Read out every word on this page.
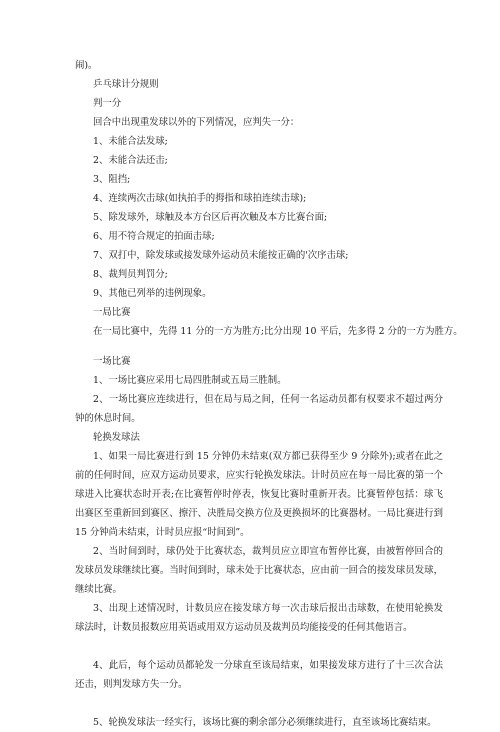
闹)。
乒乓球计分规则
判一分
回合中出现重发球以外的下列情况，应判失一分：
1、未能合法发球;
2、未能合法还击;
3、阻挡;
4、连续两次击球(如执拍手的拇指和球拍连续击球);
5、除发球外，球触及本方台区后再次触及本方比赛台面;
6、用不符合规定的拍面击球;
7、双打中，除发球或接发球外运动员未能按正确的'次序击球;
8、裁判员判罚分;
9、其他已列举的违例现象。
一局比赛
在一局比赛中，先得 11 分的一方为胜方;比分出现 10 平后，先多得 2 分的一方为胜方。
一场比赛
1、一场比赛应采用七局四胜制或五局三胜制。
2、一场比赛应连续进行，但在局与局之间，任何一名运动员都有权要求不超过两分钟的休息时间。
轮换发球法
1、如果一局比赛进行到 15 分钟仍未结束(双方都已获得至少 9 分除外);或者在此之前的任何时间，应双方运动员要求，应实行轮换发球法。计时员应在每一局比赛的第一个球进入比赛状态时开表;在比赛暂停时停表，恢复比赛时重新开表。比赛暂停包括：球飞出赛区至重新回到赛区、擦汗、决胜局交换方位及更换损坏的比赛器材。一局比赛进行到 15 分钟尚未结束，计时员应报“时间到”。
2、当时间到时，球仍处于比赛状态，裁判员应立即宣布暂停比赛，由被暂停回合的发球员发球继续比赛。当时间到时，球未处于比赛状态，应由前一回合的接发球员发球，继续比赛。
3、出现上述情况时，计数员应在接发球方每一次击球后报出击球数，在使用轮换发球法时，计数员报数应用英语或用双方运动员及裁判员均能接受的任何其他语言。
4、此后，每个运动员都轮发一分球直至该局结束，如果接发球方进行了十三次合法还击，则判发球方失一分。
5、轮换发球法一经实行，该场比赛的剩余部分必须继续进行，直至该场比赛结束。
